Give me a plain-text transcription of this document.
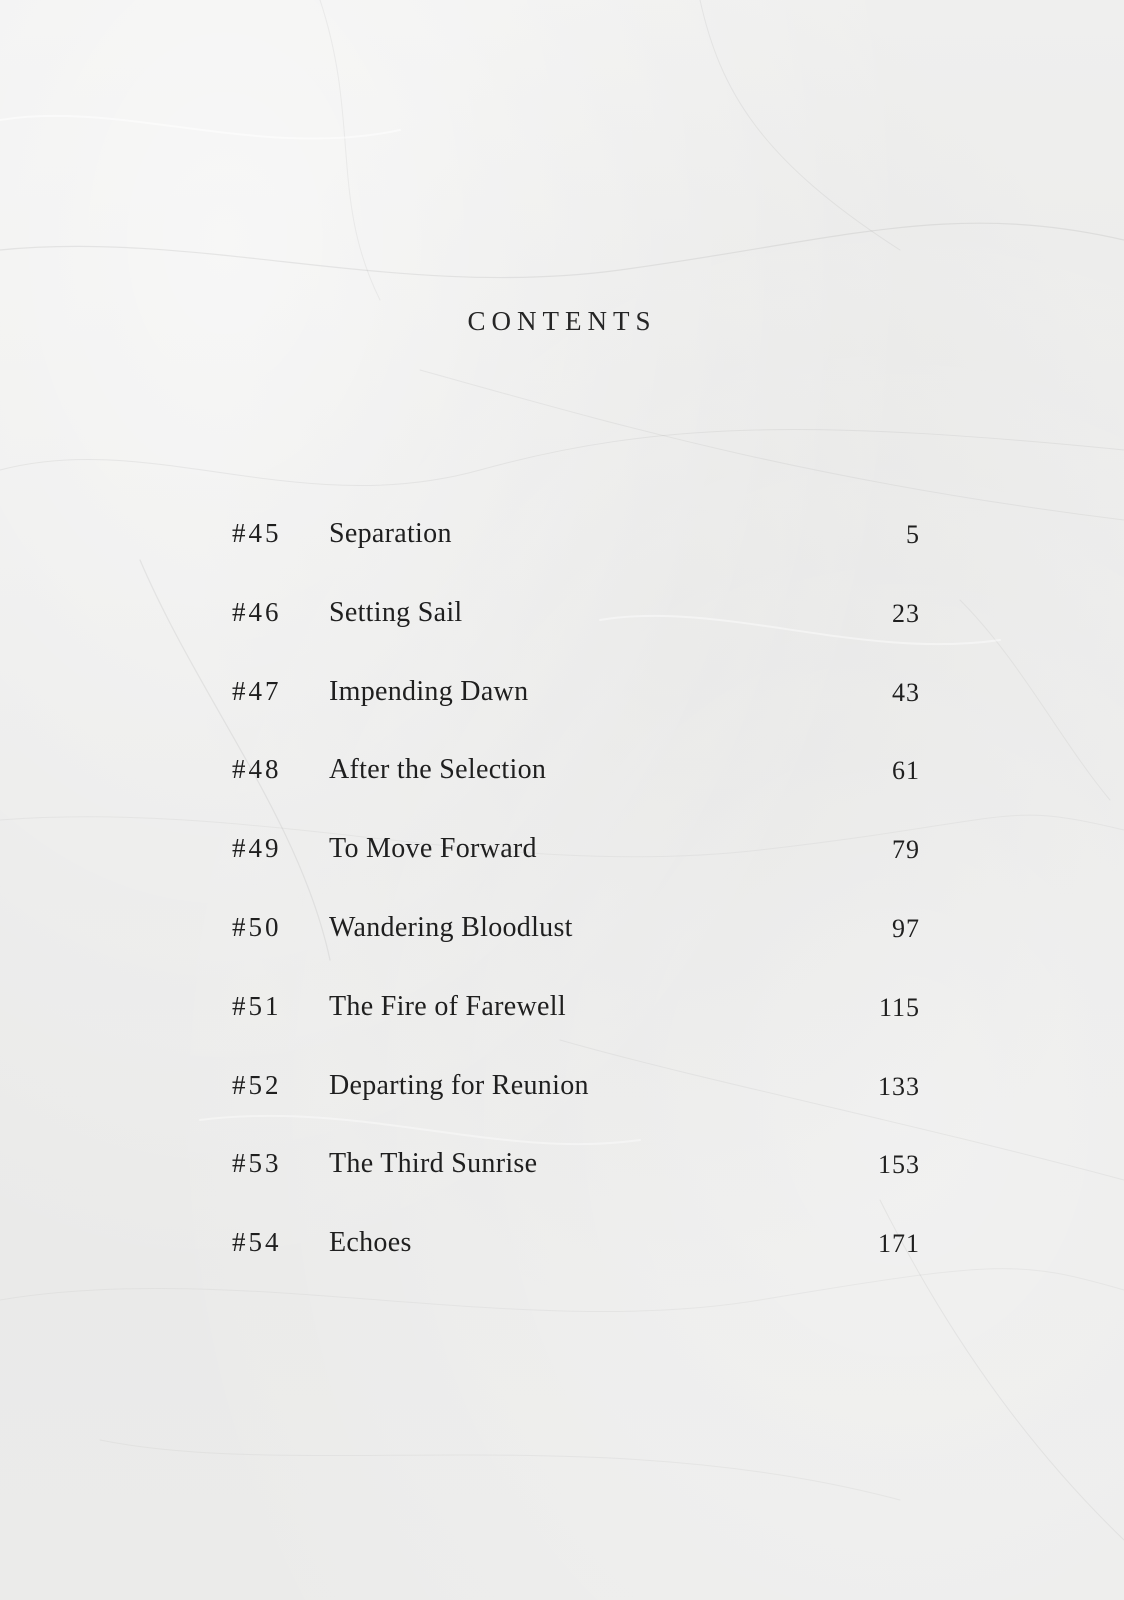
CONTENTS
#45 Separation	5
#46 Setting Sail	23
#47 Impending Dawn	43
#48 After the Selection	61
#49 To Move Forward	79
#50 Wandering Bloodlust	97
#51 The Fire of Farewell	115
#52 Departing for Reunion	133
#53 The Third Sunrise	153
#54 Echoes	171
